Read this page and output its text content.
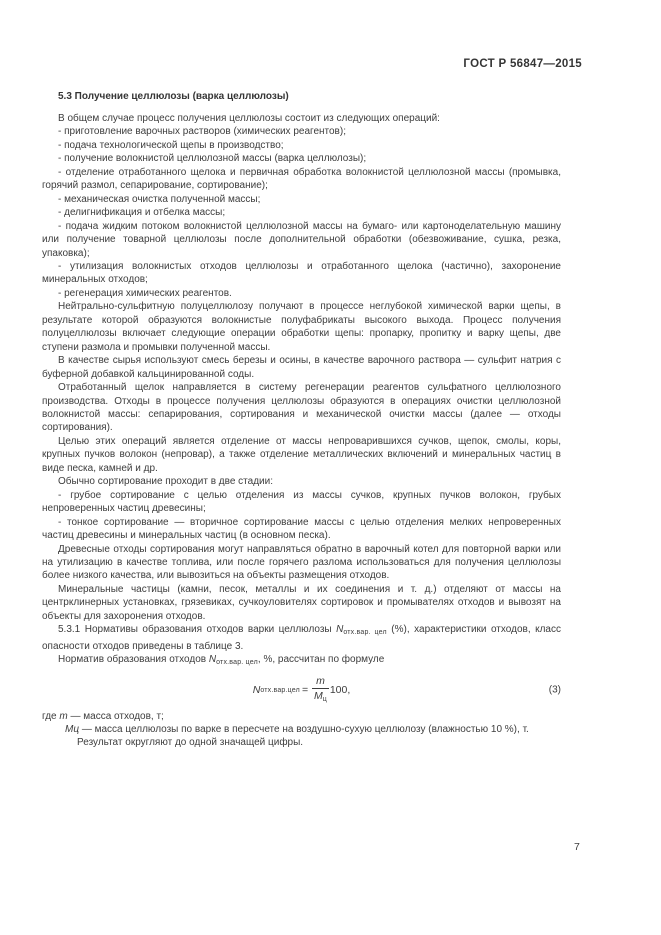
ГОСТ Р 56847—2015
5.3 Получение целлюлозы (варка целлюлозы)

В общем случае процесс получения целлюлозы состоит из следующих операций:

- приготовление варочных растворов (химических реагентов);

- подача технологической щепы в производство;

- получение волокнистой целлюлозной массы (варка целлюлозы);

- отделение отработанного щелока и первичная обработка волокнистой целлюлозной массы (промывка, горячий размол, сепарирование, сортирование);

- механическая очистка полученной массы;

- делигнификация и отбелка массы;

- подача жидким потоком волокнистой целлюлозной массы на бумаго- или картоноделательную машину или получение товарной целлюлозы после дополнительной обработки (обезвоживание, сушка, резка, упаковка);

- утилизация волокнистых отходов целлюлозы и отработанного щелока (частично), захоронение минеральных отходов;

- регенерация химических реагентов.

Нейтрально-сульфитную полуцеллюлозу получают в процессе неглубокой химической варки щепы, в результате которой образуются волокнистые полуфабрикаты высокого выхода. Процесс получения полуцеллюлозы включает следующие операции обработки щепы: пропарку, пропитку и варку щепы, две ступени размола и промывки полученной массы.

В качестве сырья используют смесь березы и осины, в качестве варочного раствора — сульфит натрия с буферной добавкой кальцинированной соды.

Отработанный щелок направляется в систему регенерации реагентов сульфатного целлюлозного производства. Отходы в процессе получения целлюлозы образуются в операциях очистки целлюлозной волокнистой массы: сепарирования, сортирования и механической очистки массы (далее — отходы сортирования).

Целью этих операций является отделение от массы непроварившихся сучков, щепок, смолы, коры, крупных пучков волокон (непровар), а также отделение металлических включений и минеральных частиц в виде песка, камней и др.

Обычно сортирование проходит в две стадии:

- грубое сортирование с целью отделения из массы сучков, крупных пучков волокон, грубых непроверенных частиц древесины;

- тонкое сортирование — вторичное сортирование массы с целью отделения мелких непроверенных частиц древесины и минеральных частиц (в основном песка).

Древесные отходы сортирования могут направляться обратно в варочный котел для повторной варки или на утилизацию в качестве топлива, или после горячего разлома использоваться для получения целлюлозы более низкого качества, или вывозиться на объекты размещения отходов.

Минеральные частицы (камни, песок, металлы и их соединения и т. д.) отделяют от массы на центрклинерных установках, грязевиках, сучкоуловителях сортировок и промывателях отходов и вывозят на объекты для захоронения отходов.

5.3.1 Нормативы образования отходов варки целлюлозы $N_{отх.вар. цел}$ (%), характеристики отходов, класс опасности отходов приведены в таблице 3.

Норматив образования отходов $N_{отх.вар. цел}$, %, рассчитан по формуле

N $отх.вар.цел = \frac{m}{M_ц} 100$,	(3)

где m — масса отходов, т;

Мц — масса целлюлозы по варке в пересчете на воздушно-сухую целлюлозу (влажностью 10 %), т.

Результат округляют до одной значащей цифры.

7
